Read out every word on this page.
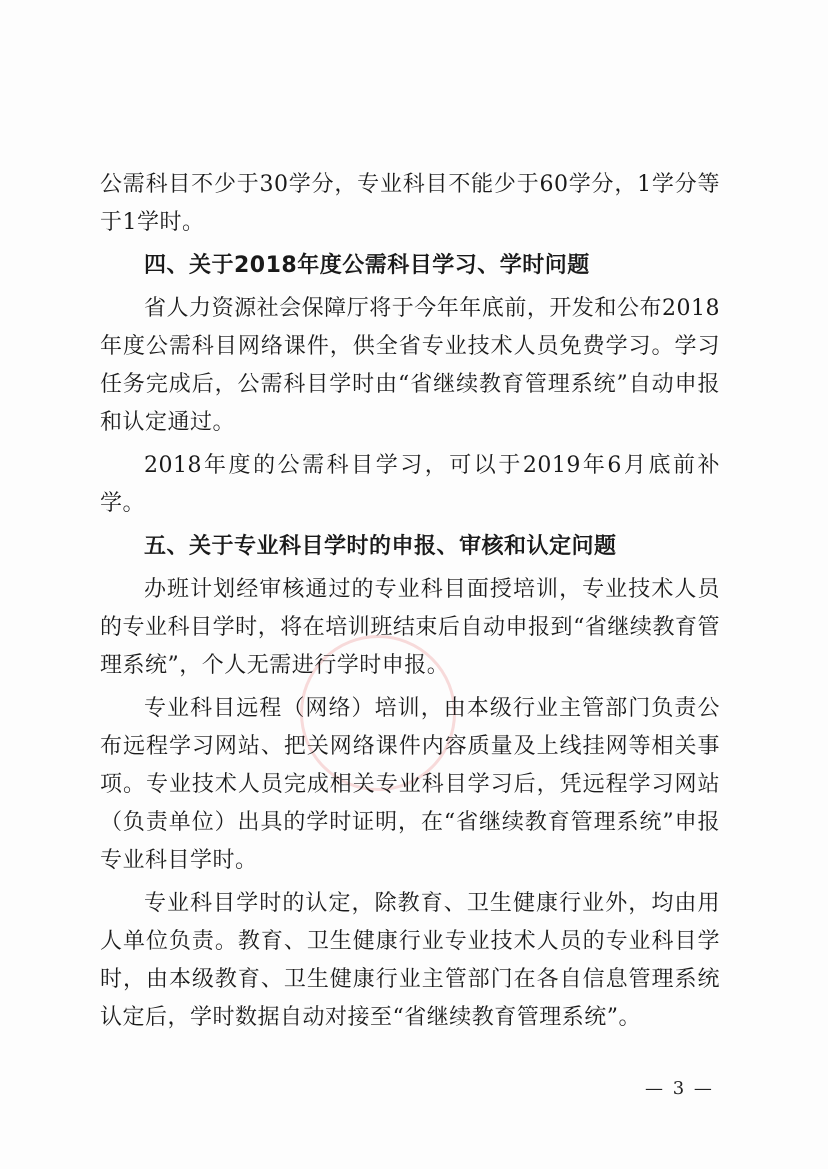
公需科目不少于30学分，专业科目不能少于60学分，1学分等于1学时。

四、关于2018年度公需科目学习、学时问题

省人力资源社会保障厅将于今年年底前，开发和公布2018年度公需科目网络课件，供全省专业技术人员免费学习。学习任务完成后，公需科目学时由“省继续教育管理系统”自动申报和认定通过。

2018年度的公需科目学习，可以于2019年6月底前补学。

五、关于专业科目学时的申报、审核和认定问题

办班计划经审核通过的专业科目面授培训，专业技术人员的专业科目学时，将在培训班结束后自动申报到“省继续教育管理系统”，个人无需进行学时申报。

专业科目远程（网络）培训，由本级行业主管部门负责公布远程学习网站、把关网络课件内容质量及上线挂网等相关事项。专业技术人员完成相关专业科目学习后，凭远程学习网站（负责单位）出具的学时证明，在“省继续教育管理系统”申报专业科目学时。

专业科目学时的认定，除教育、卫生健康行业外，均由用人单位负责。教育、卫生健康行业专业技术人员的专业科目学时，由本级教育、卫生健康行业主管部门在各自信息管理系统认定后，学时数据自动对接至“省继续教育管理系统”。

— 3 —
